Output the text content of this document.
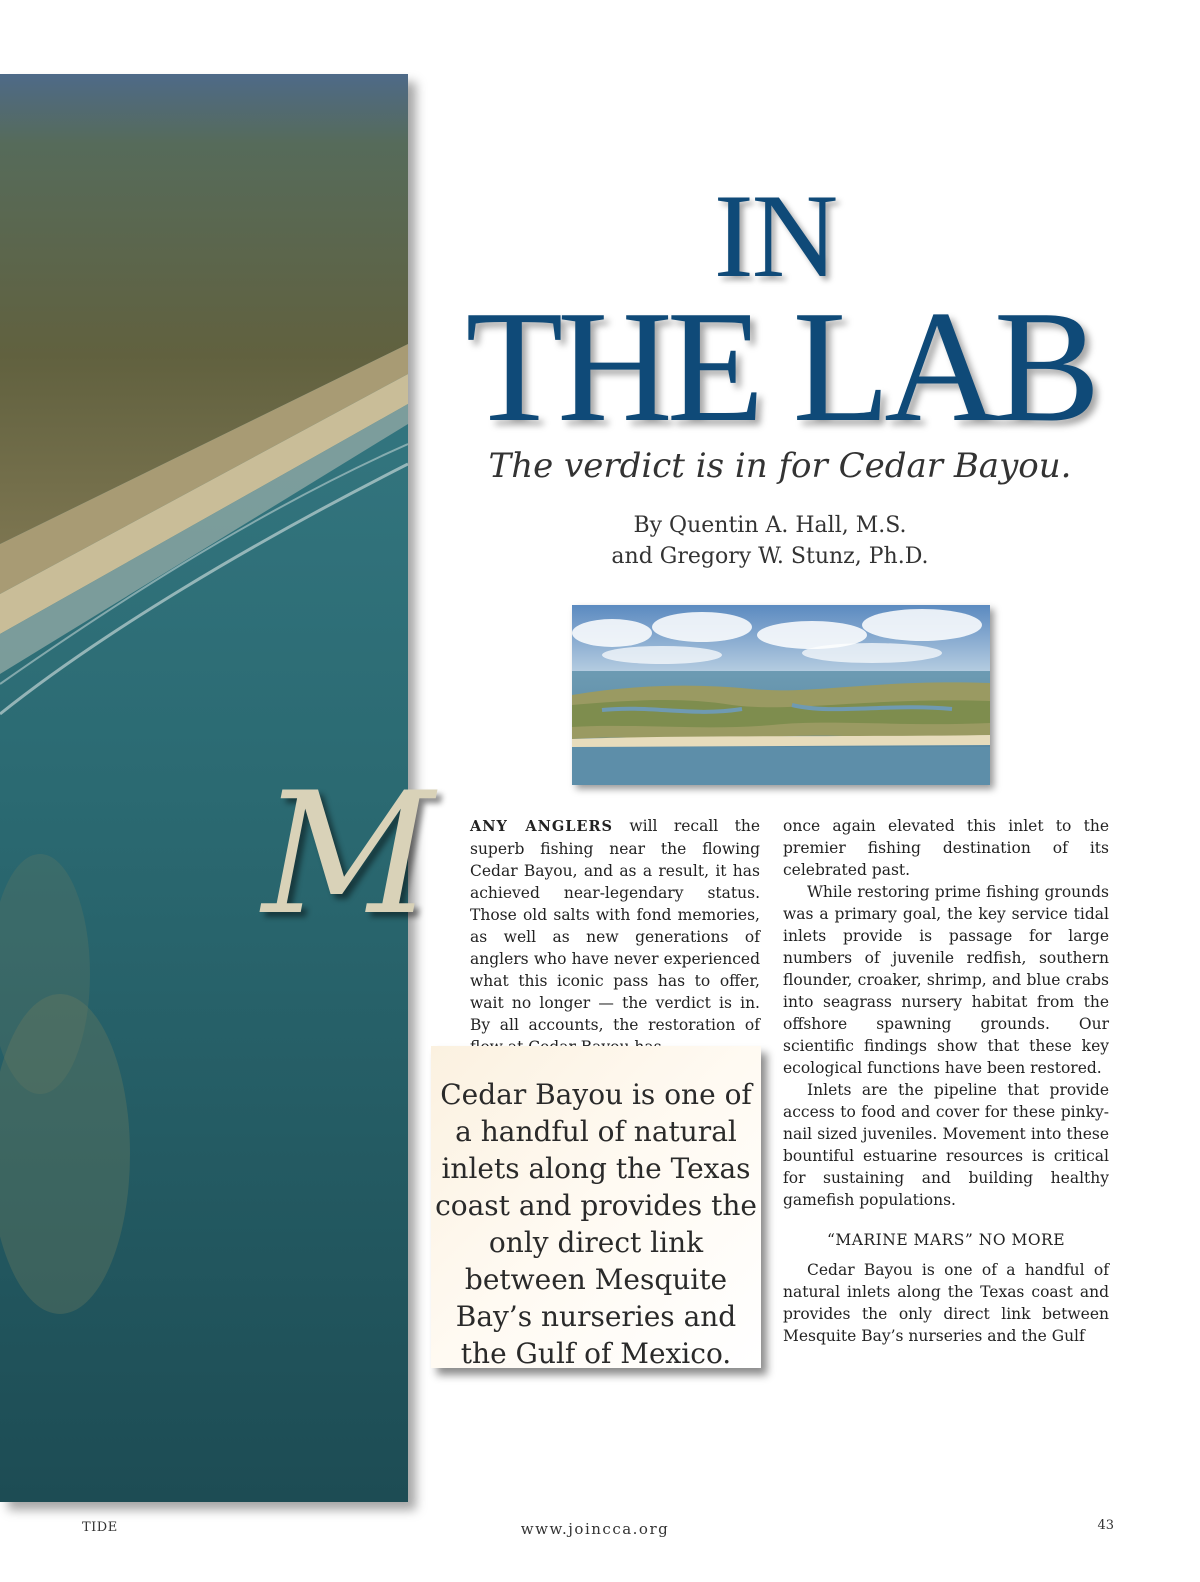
IN
THE LAB
The verdict is in for Cedar Bayou.
By Quentin A. Hall, M.S.
and Gregory W. Stunz, Ph.D.
M	ANY ANGLERS will recall the superb fishing near the flowing Cedar Bayou, and as a result, it has achieved near-legendary status. Those old salts with fond memories, as well as new generations of anglers who have never experienced what this iconic pass has to offer, wait no longer — the verdict is in. By all accounts, the restoration of

Cedar Bayou is one of a handful of natural inlets along the Texas coast and provides the only direct link between Mesquite Bay’s nurseries and the Gulf of Mexico.

once again elevated this inlet to the premier fishing destination of its celebrated past.

While restoring prime fishing grounds was a primary goal, the key service tidal inlets provide is passage for large numbers of juvenile redfish, southern flounder, croaker, shrimp, and blue crabs into seagrass nursery habitat from the offshore spawning grounds. Our scientific findings show that these key ecological functions have been restored.

Inlets are the pipeline that provide access to food and cover for these pinky-nail sized juveniles. Movement into these bountiful estuarine resources is critical for sustaining and building healthy gamefish populations.

“MARINE MARS” NO MORE

Cedar Bayou is one of a handful of natural inlets along the Texas coast and provides the only direct link between Mesquite Bay’s nurseries and the Gulf

TIDE	www.joincca.org	43
